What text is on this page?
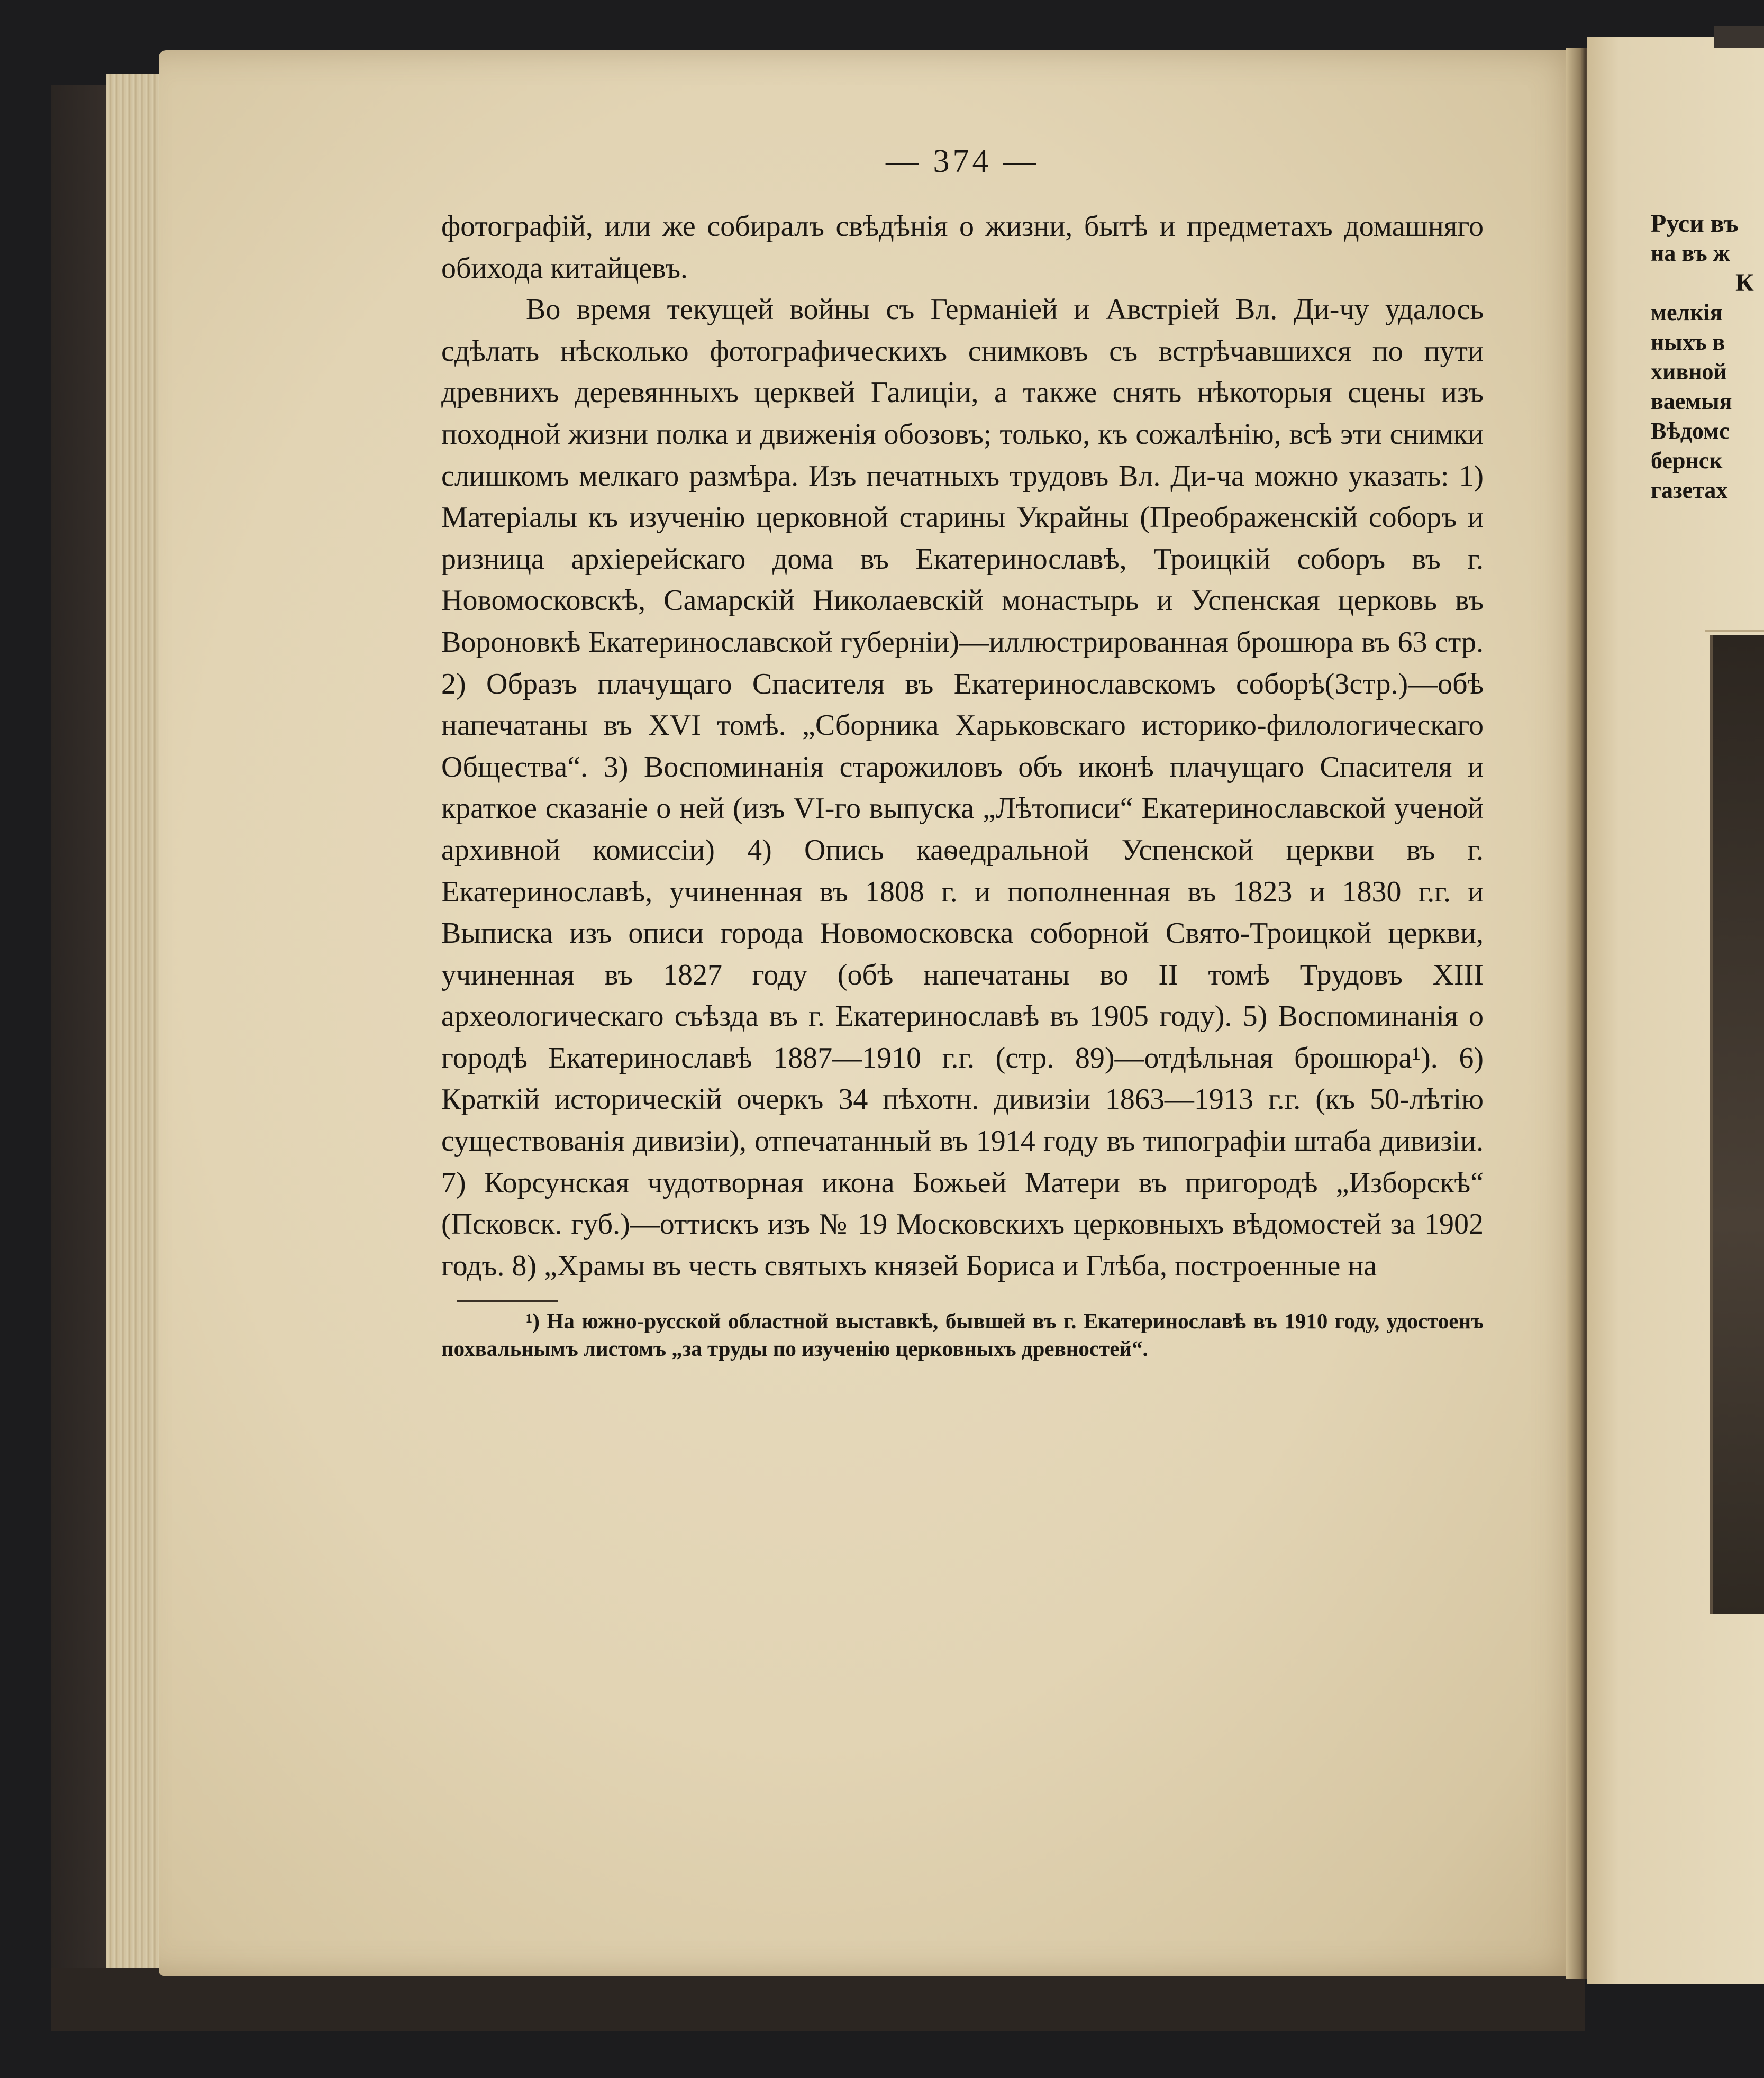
— 374 —

фотографій, или же собиралъ свѣдѣнія о жизни, бытѣ и предметахъ домашняго обихода китайцевъ.

Во время текущей войны съ Германіей и Австріей Вл. Ди-чу удалось сдѣлать нѣсколько фотографическихъ снимковъ съ встрѣчавшихся по пути древнихъ деревянныхъ церквей Галиціи, а также снять нѣкоторыя сцены изъ походной жизни полка и движенія обозовъ; только, къ сожалѣнію, всѣ эти снимки слишкомъ мелкаго размѣра. Изъ печатныхъ трудовъ Вл. Ди-ча можно указать: 1) Матеріалы къ изученію церковной старины Украйны (Преображенскій соборъ и ризница архіерейскаго дома въ Екатеринославѣ, Троицкій соборъ въ г. Новомосковскѣ, Самарскій Николаевскій монастырь и Успенская церковь въ Вороновкѣ Екатеринославской губерніи)—иллюстрированная брошюра въ 63 стр. 2) Образъ плачущаго Спасителя въ Екатеринославскомъ соборѣ(3стр.)—обѣ напечатаны въ XVI томѣ. „Сборника Харьковскаго историко-филологическаго Общества“. 3) Воспоминанія старожиловъ объ иконѣ плачущаго Спасителя и краткое сказаніе о ней (изъ VI-го выпуска „Лѣтописи“ Екатеринославской ученой архивной комиссіи) 4) Опись каѳедральной Успенской церкви въ г. Екатеринославѣ, учиненная въ 1808 г. и пополненная въ 1823 и 1830 г.г. и Выписка изъ описи города Новомосковска соборной Свято-Троицкой церкви, учиненная въ 1827 году (обѣ напечатаны во II томѣ Трудовъ XIII археологическаго съѣзда въ г. Екатеринославѣ въ 1905 году). 5) Воспоминанія о городѣ Екатеринославѣ 1887—1910 г.г. (стр. 89)—отдѣльная брошюра¹). 6) Краткій историческій очеркъ 34 пѣхотн. дивизіи 1863—1913 г.г. (къ 50-лѣтію существованія дивизіи), отпечатанный въ 1914 году въ типографіи штаба дивизіи. 7) Корсунская чудотворная икона Божьей Матери въ пригородѣ „Изборскѣ“ (Псковск. губ.)—оттискъ изъ № 19 Московскихъ церковныхъ вѣдомостей за 1902 годъ. 8) „Храмы въ честь святыхъ князей Бориса и Глѣба, построенные на

¹) На южно-русской областной выставкѣ, бывшей въ г. Екатеринославѣ въ 1910 году, удостоенъ похвальнымъ листомъ „за труды по изученію церковныхъ древностей“.

Руси въ
на въ ж
К
мелкія
ныхъ в
хивной
ваемыя
Вѣдомс
бернск
газетах
